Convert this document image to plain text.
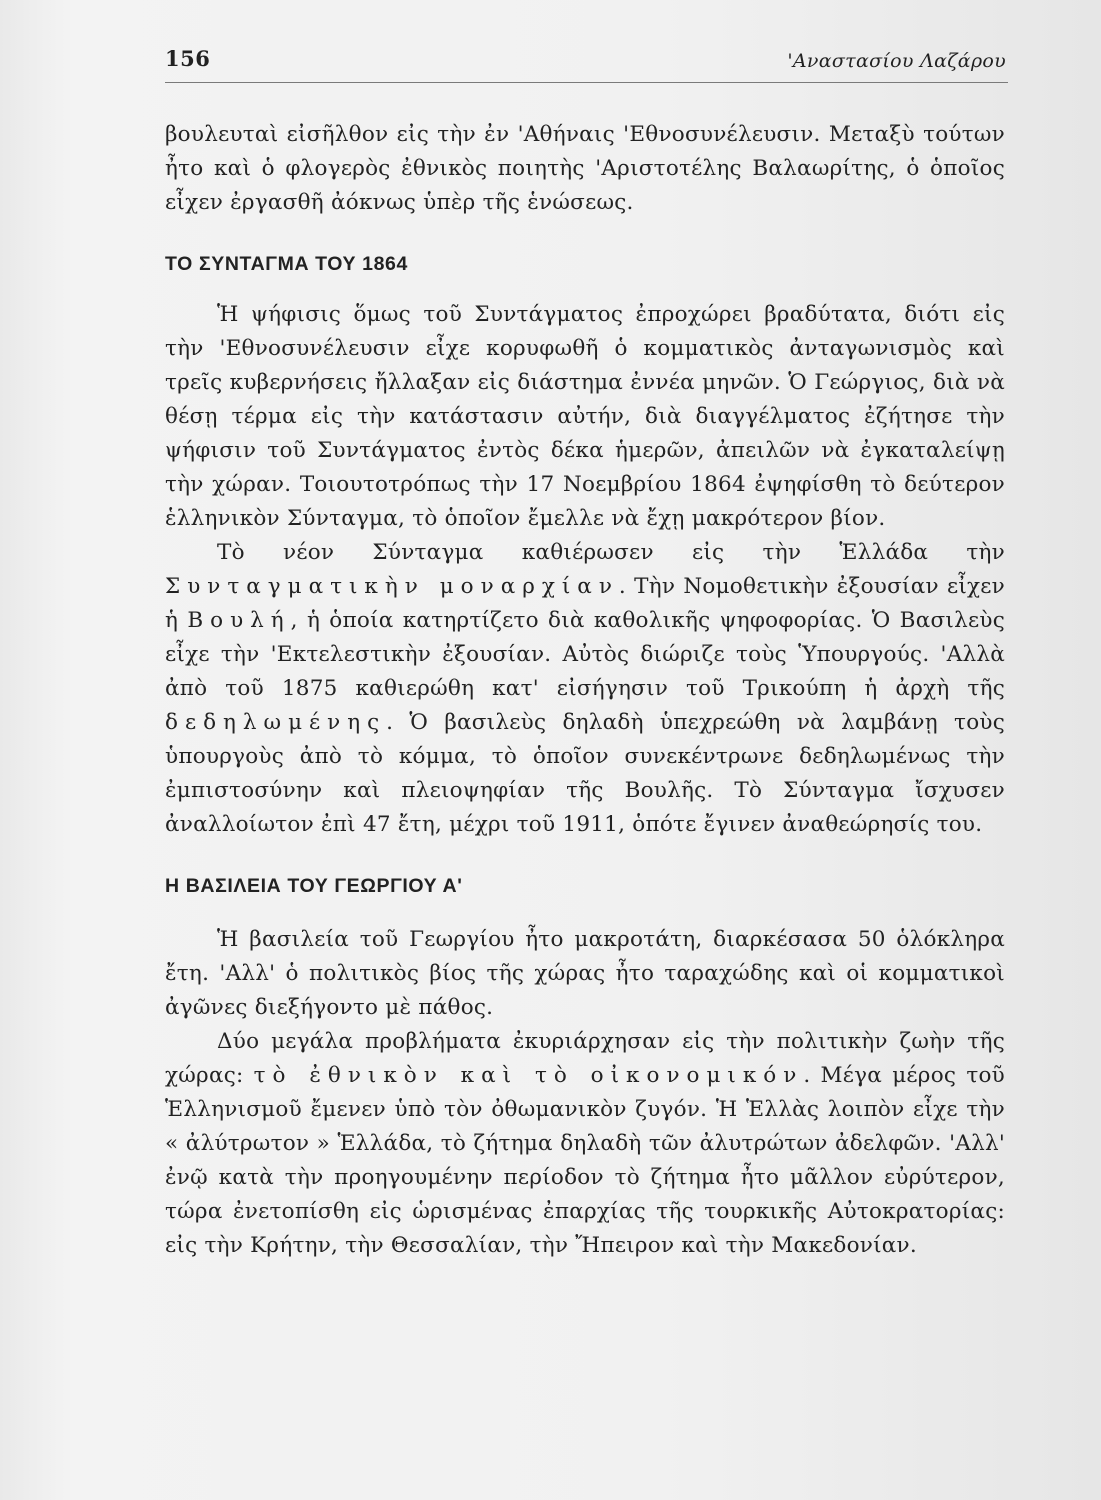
156	'Αναστασίου Λαζάρου

βουλευταὶ εἰσῆλθον εἰς τὴν ἐν 'Αθήναις 'Εθνοσυνέλευσιν. Μεταξὺ τούτων ἦτο καὶ ὁ φλογερὸς ἐθνικὸς ποιητὴς 'Αριστοτέλης Βαλαωρίτης, ὁ ὁποῖος εἶχεν ἐργασθῆ ἀόκνως ὑπὲρ τῆς ἑνώσεως.

ΤΟ ΣΥΝΤΑΓΜΑ ΤΟΥ 1864

Ἡ ψήφισις ὅμως τοῦ Συντάγματος ἐπροχώρει βραδύτατα, διότι εἰς τὴν 'Εθνοσυνέλευσιν εἶχε κορυφωθῆ ὁ κομματικὸς ἀνταγωνισμὸς καὶ τρεῖς κυβερνήσεις ἤλλαξαν εἰς διάστημα ἐννέα μηνῶν. Ὁ Γεώργιος, διὰ νὰ θέσῃ τέρμα εἰς τὴν κατάστασιν αὐτήν, διὰ διαγγέλματος ἐζήτησε τὴν ψήφισιν τοῦ Συντάγματος ἐντὸς δέκα ἡμερῶν, ἀπειλῶν νὰ ἐγκαταλείψῃ τὴν χώραν. Τοιουτοτρόπως τὴν 17 Νοεμβρίου 1864 ἐψηφίσθη τὸ δεύτερον ἑλληνικὸν Σύνταγμα, τὸ ὁποῖον ἔμελλε νὰ ἔχῃ μακρότερον βίον.

Τὸ νέον Σύνταγμα καθιέρωσεν εἰς τὴν Ἑλλάδα τὴν Συνταγματικὴν μοναρχίαν. Τὴν Νομοθετικὴν ἐξουσίαν εἶχεν ἡ Βουλή, ἡ ὁποία κατηρτίζετο διὰ καθολικῆς ψηφοφορίας. Ὁ Βασιλεὺς εἶχε τὴν 'Εκτελεστικὴν ἐξουσίαν. Αὐτὸς διώριζε τοὺς Ὑπουργούς. 'Αλλὰ ἀπὸ τοῦ 1875 καθιερώθη κατ' εἰσήγησιν τοῦ Τρικούπη ἡ ἀρχὴ τῆς δεδηλωμένης. Ὁ βασιλεὺς δηλαδὴ ὑπεχρεώθη νὰ λαμβάνῃ τοὺς ὑπουργοὺς ἀπὸ τὸ κόμμα, τὸ ὁποῖον συνεκέντρωνε δεδηλωμένως τὴν ἐμπιστοσύνην καὶ πλειοψηφίαν τῆς Βουλῆς. Τὸ Σύνταγμα ἴσχυσεν ἀναλλοίωτον ἐπὶ 47 ἔτη, μέχρι τοῦ 1911, ὁπότε ἔγινεν ἀναθεώρησίς του.

Η ΒΑΣΙΛΕΙΑ ΤΟΥ ΓΕΩΡΓΙΟΥ Α'

Ἡ βασιλεία τοῦ Γεωργίου ἦτο μακροτάτη, διαρκέσασα 50 ὁλόκληρα ἔτη. 'Αλλ' ὁ πολιτικὸς βίος τῆς χώρας ἦτο ταραχώδης καὶ οἱ κομματικοὶ ἀγῶνες διεξήγοντο μὲ πάθος.

Δύο μεγάλα προβλήματα ἐκυριάρχησαν εἰς τὴν πολιτικὴν ζωὴν τῆς χώρας: τὸ ἐθνικὸν καὶ τὸ οἰκονομικόν. Μέγα μέρος τοῦ Ἑλληνισμοῦ ἔμενεν ὑπὸ τὸν ὀθωμανικὸν ζυγόν. Ἡ Ἑλλὰς λοιπὸν εἶχε τὴν « ἀλύτρωτον » Ἑλλάδα, τὸ ζήτημα δηλαδὴ τῶν ἀλυτρώτων ἀδελφῶν. 'Αλλ' ἐνῷ κατὰ τὴν προηγουμένην περίοδον τὸ ζήτημα ἦτο μᾶλλον εὐρύτερον, τώρα ἐνετοπίσθη εἰς ὡρισμένας ἐπαρχίας τῆς τουρκικῆς Αὐτοκρατορίας: εἰς τὴν Κρήτην, τὴν Θεσσαλίαν, τὴν Ἤπειρον καὶ τὴν Μακεδονίαν.
